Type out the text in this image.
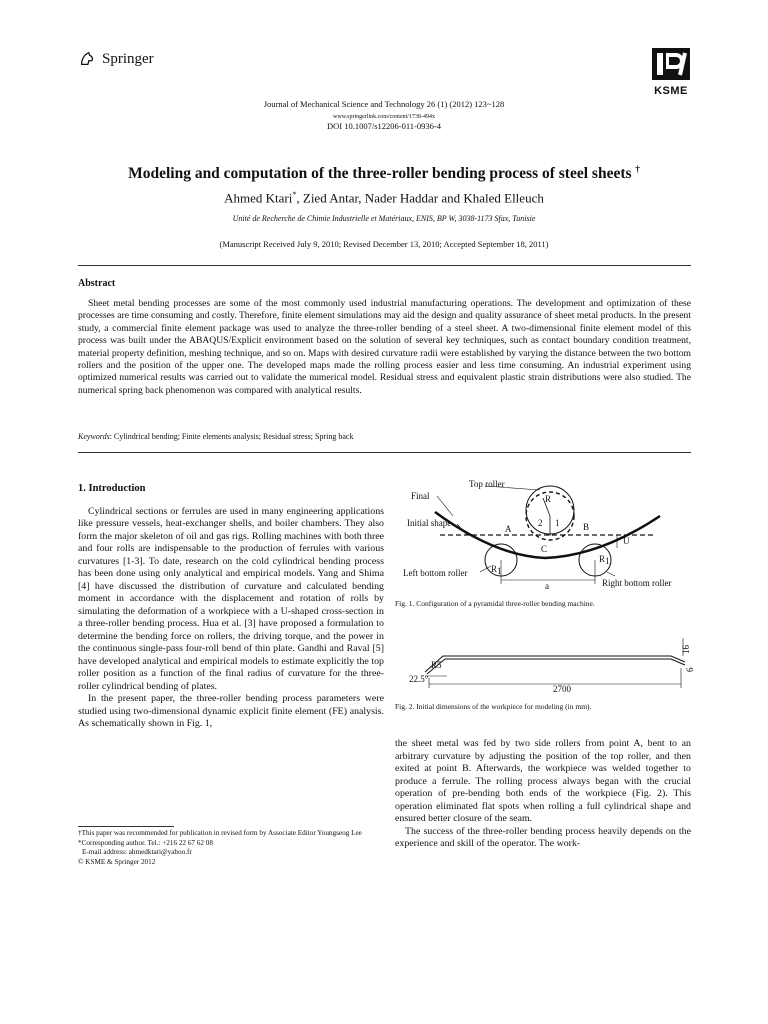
Springer
KSME
Journal of Mechanical Science and Technology 26 (1) (2012) 123~128
www.springerlink.com/content/1738-494x
DOI 10.1007/s12206-011-0936-4
Modeling and computation of the three-roller bending process of steel sheets †
Ahmed Ktari*, Zied Antar, Nader Haddar and Khaled Elleuch
Unité de Recherche de Chimie Industrielle et Matériaux, ENIS, BP W, 3038-1173 Sfax, Tunisie
(Manuscript Received July 9, 2010; Revised December 13, 2010; Accepted September 18, 2011)
Abstract
Sheet metal bending processes are some of the most commonly used industrial manufacturing operations. The development and optimization of these processes are time consuming and costly. Therefore, finite element simulations may aid the design and quality assurance of sheet metal products. In the present study, a commercial finite element package was used to analyze the three-roller bending of a steel sheet. A two-dimensional finite element model of this process was built under the ABAQUS/Explicit environment based on the solution of several key techniques, such as contact boundary condition treatment, material property definition, meshing technique, and so on. Maps with desired curvature radii were established by varying the distance between the two bottom rollers and the position of the upper one. The developed maps made the rolling process easier and less time consuming. An industrial experiment using optimized numerical results was carried out to validate the numerical model. Residual stress and equivalent plastic strain distributions were also studied. The numerical spring back phenomenon was compared with analytical results.
Keywords: Cylindrical bending; Finite elements analysis; Residual stress; Spring back
1. Introduction

Cylindrical sections or ferrules are used in many engineering applications like pressure vessels, heat-exchanger shells, and boiler chambers. They also form the major skeleton of oil and gas rigs. Rolling machines with both three and four rolls are indispensable to the production of ferrules with various curvatures [1-3]. To date, research on the cold cylindrical bending process has been done using only analytical and empirical models. Yang and Shima [4] have discussed the distribution of curvature and calculated bending moment in accordance with the displacement and rotation of rolls by simulating the deformation of a workpiece with a U-shaped cross-section in a three-roller bending process. Hua et al. [3] have proposed a formulation to determine the bending force on rollers, the driving torque, and the power in the continuous single-pass four-roll bend of thin plate. Gandhi and Raval [5] have developed analytical and empirical models to estimate explicitly the top roller position as a function of the final radius of curvature for the three-roller cylindrical bending of plates.

In the present paper, the three-roller bending process parameters were studied using two-dimensional dynamic explicit finite element (FE) analysis. As schematically shown in Fig. 1,

†This paper was recommended for publication in revised form by Associate Editor Youngseog Lee
*Corresponding author. Tel.: +216 22 67 62 08
E-mail address: ahmedktari@yahoo.fr
© KSME & Springer 2012
Top roller
Final
Initial shape
A	B
C
R
2 1
R 1
R 1
U
a
Left bottom roller
Right bottom roller
Fig. 1. Configuration of a pyramidal three-roller bending machine.
2700
22.5°
R5
16
6
Fig. 2. Initial dimensions of the workpiece for modeling (in mm).

the sheet metal was fed by two side rollers from point A, bent to an arbitrary curvature by adjusting the position of the top roller, and then exited at point B. Afterwards, the workpiece was welded together to produce a ferrule. The rolling process always began with the crucial operation of pre-bending both ends of the workpiece (Fig. 2). This operation eliminated flat spots when rolling a full cylindrical shape and ensured better closure of the seam.

The success of the three-roller bending process heavily depends on the experience and skill of the operator. The work-
